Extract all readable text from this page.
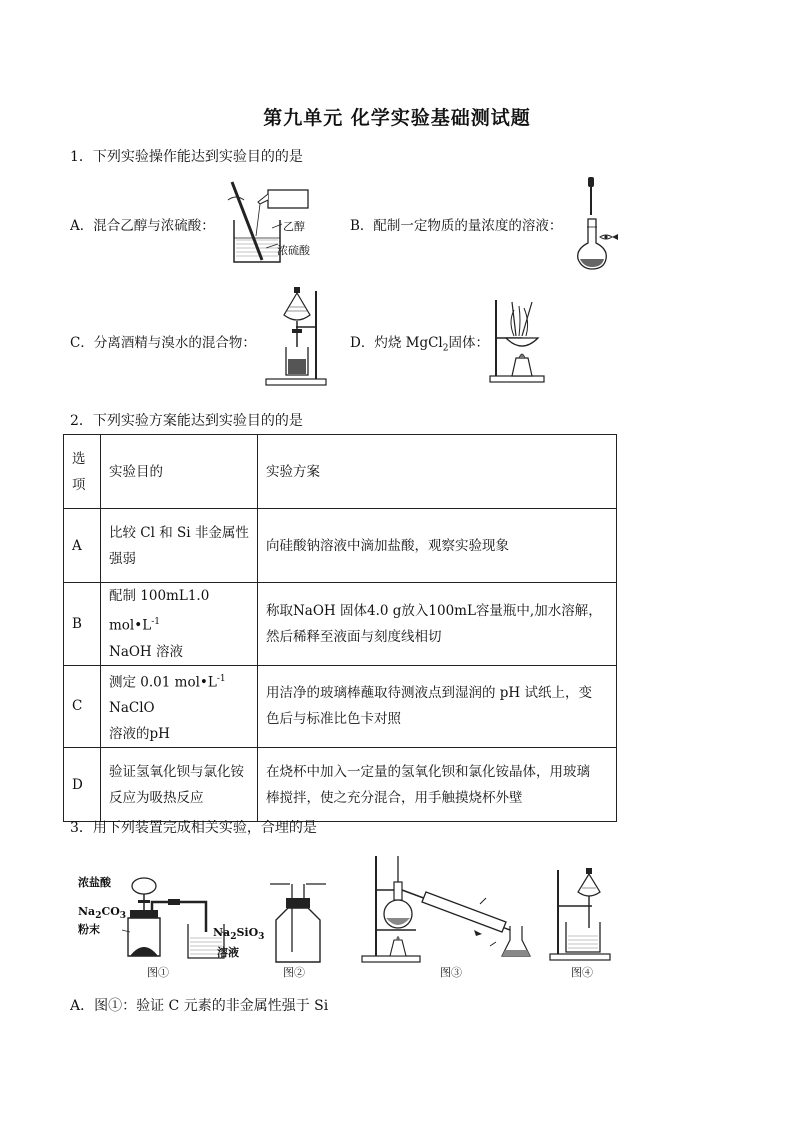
第九单元 化学实验基础测试题
1．下列实验操作能达到实验目的的是
A．混合乙醇与浓硫酸：	乙醇
浓硫酸
B．配制一定物质的量浓度的溶液：
C．分离酒精与溴水的混合物：	D．灼烧 MgCl$_2$固体：
2．下列实验方案能达到实验目的的是
选
项	实验目的	实验方案
A	比较 Cl 和 Si 非金属性
强弱	向硅酸钠溶液中滴加盐酸，观察实验现象

B	配制 100mL1.0 $mol•L^{-1}$
NaOH 溶液	称取NaOH 固体4.0 g放入100mL容量瓶中,加水溶解，
然后稀释至液面与刻度线相切

C	测定 0.01 $mol•L^{-1}$ NaClO
溶液的pH	用洁净的玻璃棒蘸取待测液点到湿润的 pH 试纸上，变
色后与标准比色卡对照

D	验证氢氧化钡与氯化铵
反应为吸热反应	在烧杯中加入一定量的氢氧化钡和氯化铵晶体，用玻璃
棒搅拌，使之充分混合，用手触摸烧杯外壁
3．用下列装置完成相关实验，合理的是
浓盐酸
$Na_2CO_3$
粉末	$Na_2SiO_3$
溶液
图①	图②	图③	图④
A．图①：验证 C 元素的非金属性强于 Si
